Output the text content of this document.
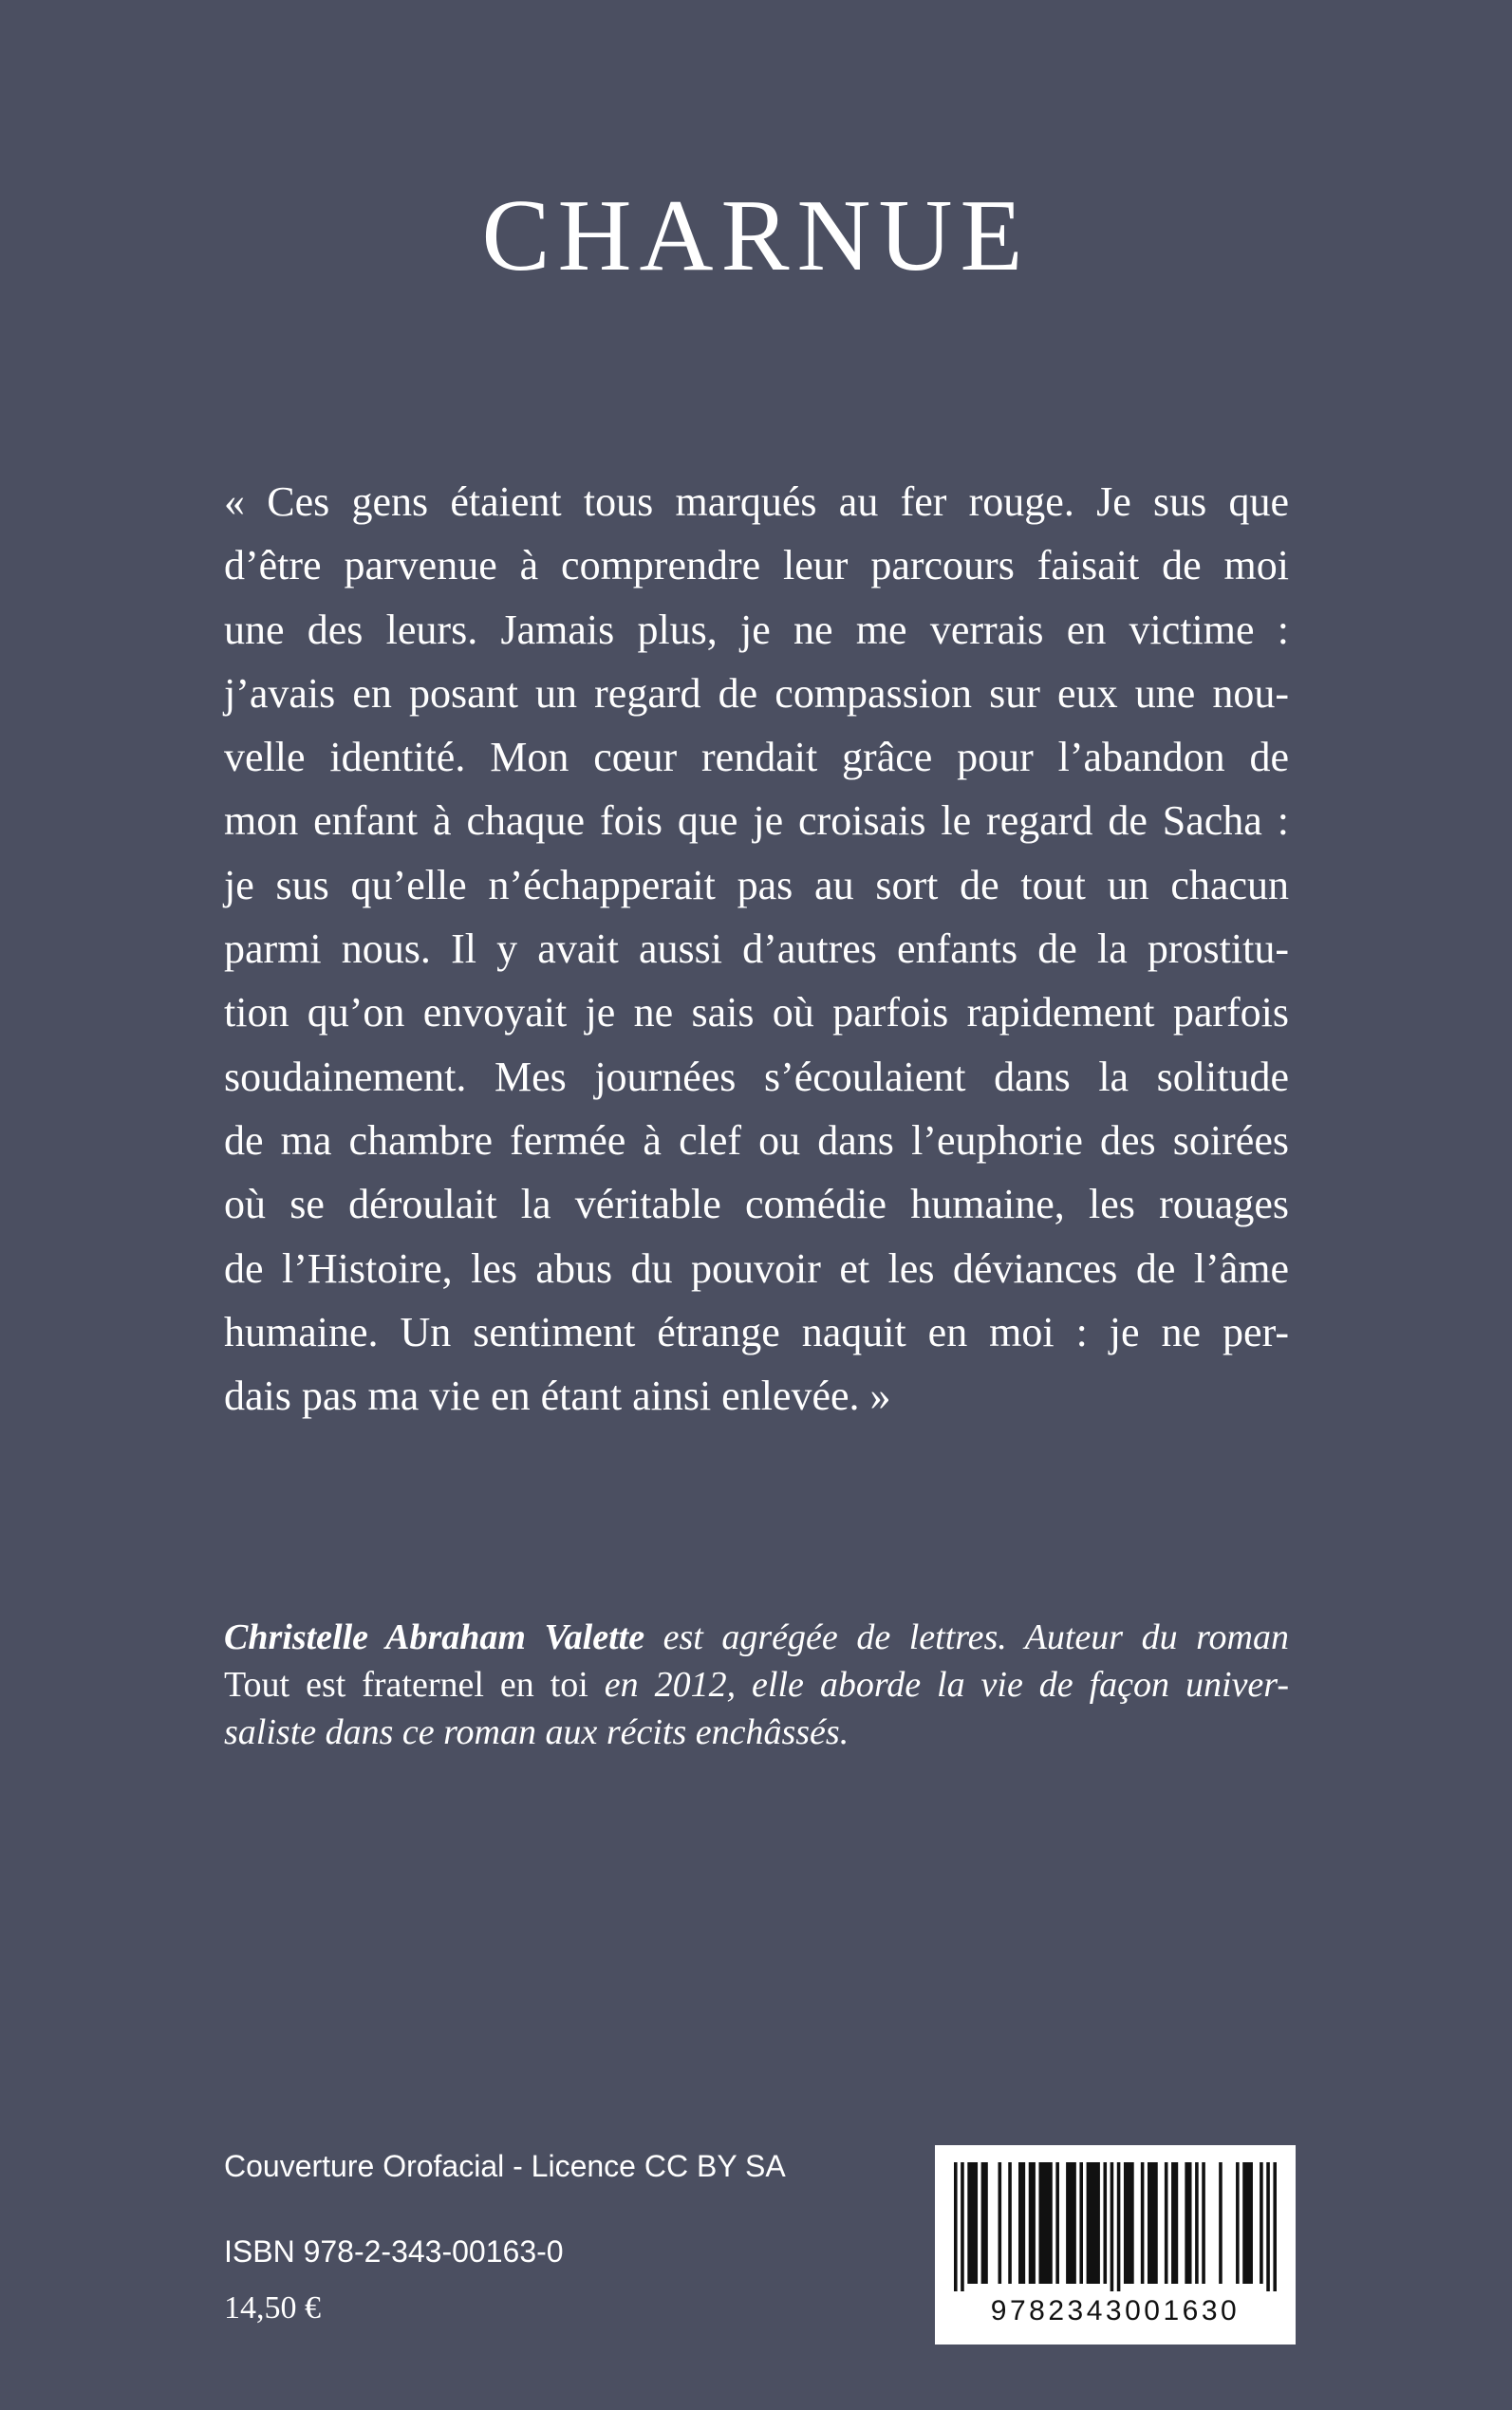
CHARNUE
« Ces gens étaient tous marqués au fer rouge. Je sus que
d’être parvenue à comprendre leur parcours faisait de moi
une des leurs. Jamais plus, je ne me verrais en victime :
j’avais en posant un regard de compassion sur eux une nou-
velle identité. Mon cœur rendait grâce pour l’abandon de
mon enfant à chaque fois que je croisais le regard de Sacha :
je sus qu’elle n’échapperait pas au sort de tout un chacun
parmi nous. Il y avait aussi d’autres enfants de la prostitu-
tion qu’on envoyait je ne sais où parfois rapidement parfois
soudainement. Mes journées s’écoulaient dans la solitude
de ma chambre fermée à clef ou dans l’euphorie des soirées
où se déroulait la véritable comédie humaine, les rouages
de l’Histoire, les abus du pouvoir et les déviances de l’âme
humaine. Un sentiment étrange naquit en moi : je ne per-
dais pas ma vie en étant ainsi enlevée. »
Christelle Abraham Valette est agrégée de lettres. Auteur du roman
Tout est fraternel en toi en 2012, elle aborde la vie de façon univer-
saliste dans ce roman aux récits enchâssés.
Couverture Orofacial - Licence CC BY SA
ISBN 978-2-343-00163-0
14,50 €	9782343001630
